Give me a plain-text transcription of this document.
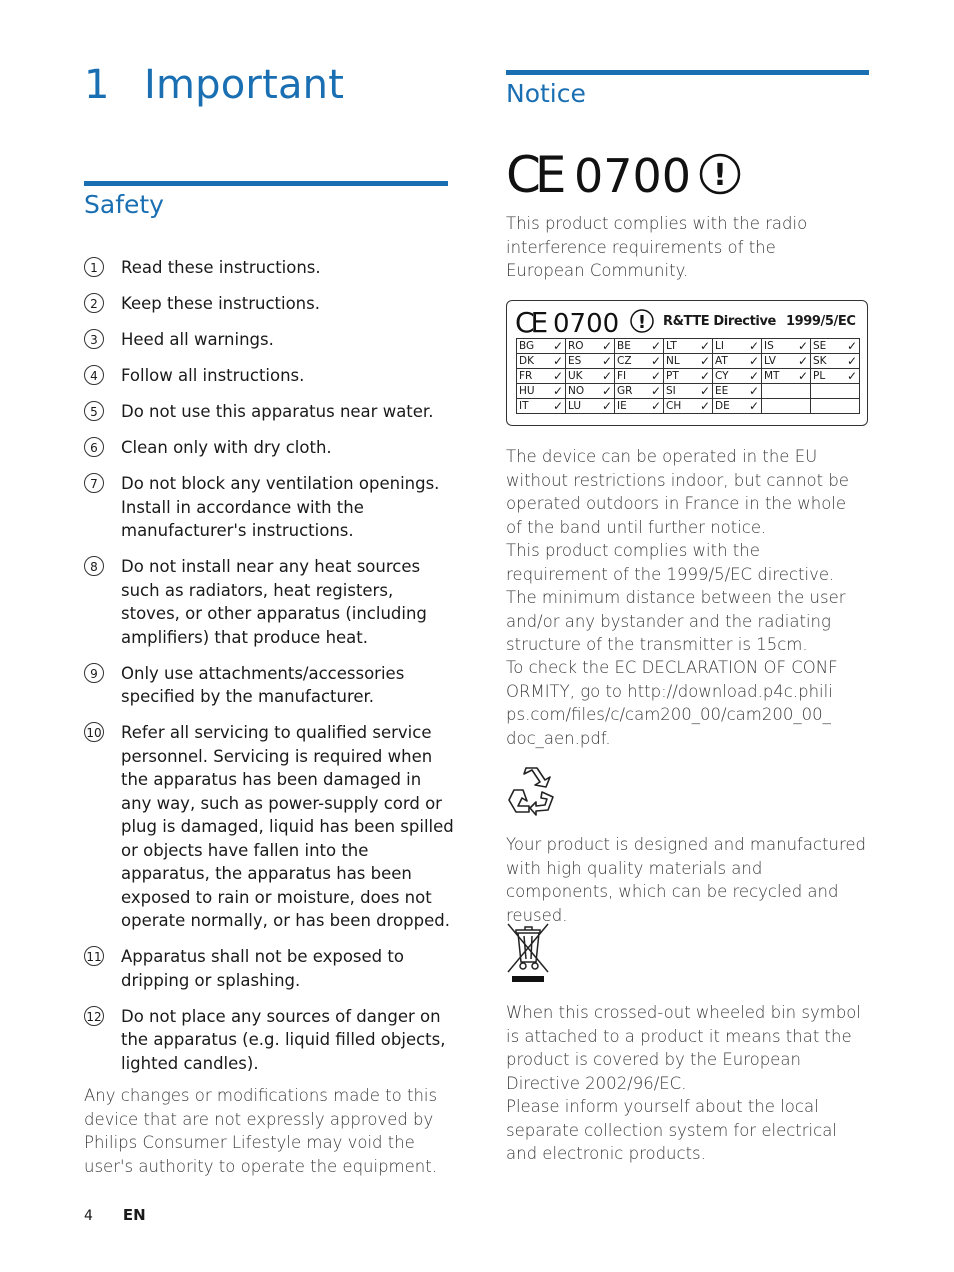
1 Important
Safety
1	Read these instructions.
2	Keep these instructions.
3	Heed all warnings.
4	Follow all instructions.
5	Do not use this apparatus near water.
6	Clean only with dry cloth.
7	Do not block any ventilation openings. Install in accordance with the manufacturer's instructions.
8	Do not install near any heat sources such as radiators, heat registers, stoves, or other apparatus (including amplifiers) that produce heat.
9	Only use attachments/accessories specified by the manufacturer.
10 Refer all servicing to qualified service personnel. Servicing is required when the apparatus has been damaged in any way, such as power-supply cord or plug is damaged, liquid has been spilled or objects have fallen into the apparatus, the apparatus has been exposed to rain or moisture, does not operate normally, or has been dropped.
11 Apparatus shall not be exposed to dripping or splashing.
12 Do not place any sources of danger on the apparatus (e.g. liquid filled objects, lighted candles).

Any changes or modifications made to this device that are not expressly approved by Philips Consumer Lifestyle may void the user's authority to operate the equipment.

4 EN
Notice
CE 0700 !

This product complies with the radio interference requirements of the European Community.

CE 0700 ! R&TTE Directive 1999/5/EC
BG ✓	RO ✓	BE ✓	LT ✓	LI ✓	IS ✓	SE ✓

DK ✓	ES ✓	CZ ✓	NL ✓	AT ✓	LV ✓	SK ✓

FR ✓	UK ✓	FI ✓	PT ✓	CY ✓	MT ✓	PL ✓

HU ✓	NO ✓	GR ✓	SI ✓	EE ✓		

IT ✓	LU ✓	IE ✓	CH ✓	DE ✓		

The device can be operated in the EU without restrictions indoor, but cannot be operated outdoors in France in the whole of the band until further notice.

This product complies with the requirement of the 1999/5/EC directive.

The minimum distance between the user and/or any bystander and the radiating structure of the transmitter is 15cm.

To check the EC DECLARATION OF CONFORMITY, go to http://download.p4c.philips.com/files/c/cam200_00/cam200_00_doc_aen.pdf.

Your product is designed and manufactured with high quality materials and components, which can be recycled and reused.

When this crossed-out wheeled bin symbol is attached to a product it means that the product is covered by the European Directive 2002/96/EC.

Please inform yourself about the local separate collection system for electrical and electronic products.
